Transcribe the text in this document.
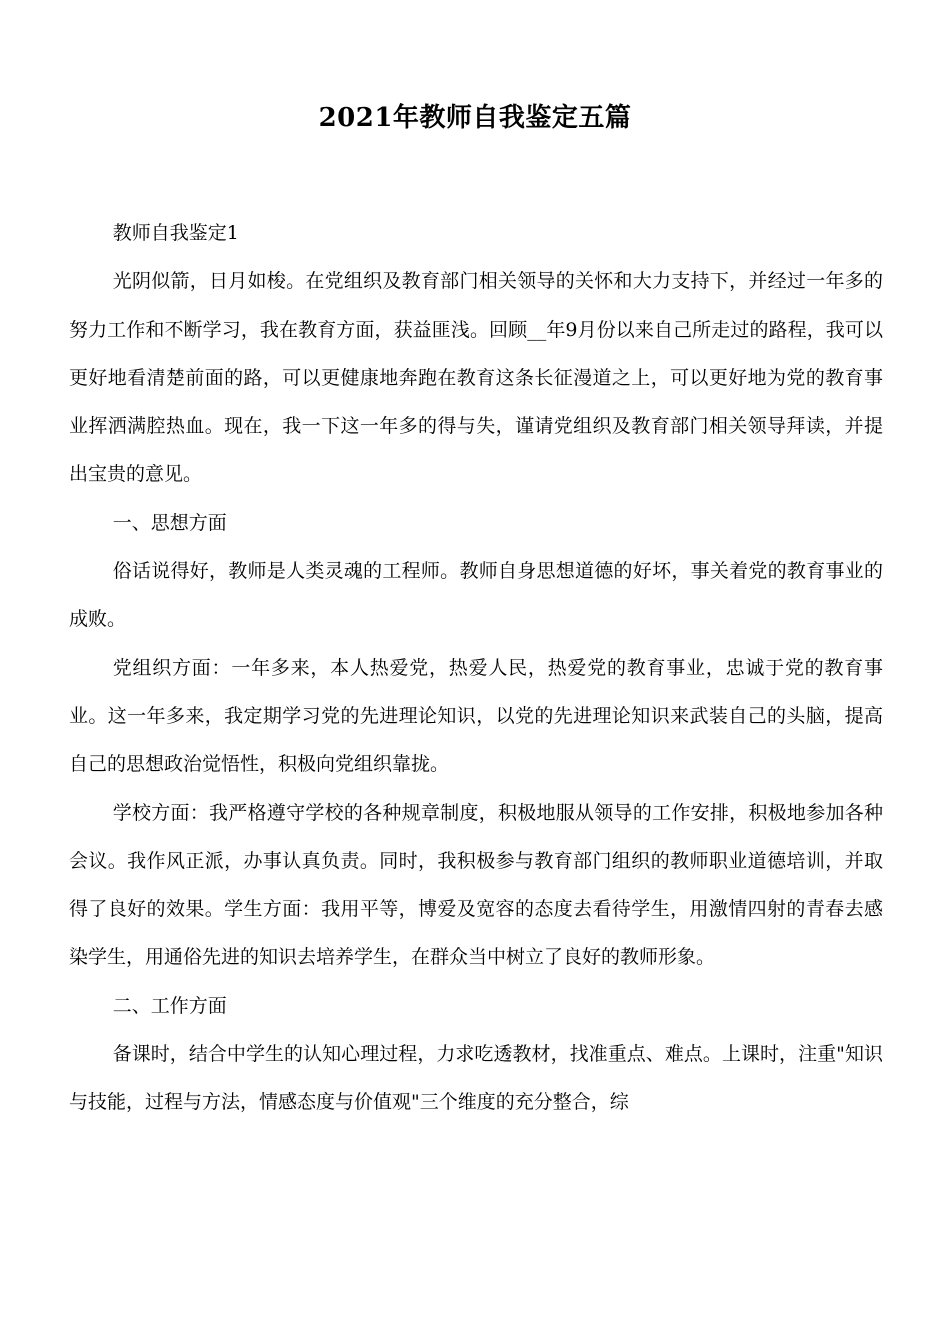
2021年教师自我鉴定五篇

教师自我鉴定1

光阴似箭，日月如梭。在党组织及教育部门相关领导的关怀和大力支持下，并经过一年多的努力工作和不断学习，我在教育方面，获益匪浅。回顾__年9月份以来自己所走过的路程，我可以更好地看清楚前面的路，可以更健康地奔跑在教育这条长征漫道之上，可以更好地为党的教育事业挥洒满腔热血。现在，我一下这一年多的得与失，谨请党组织及教育部门相关领导拜读，并提出宝贵的意见。

一、思想方面

俗话说得好，教师是人类灵魂的工程师。教师自身思想道德的好坏，事关着党的教育事业的成败。

党组织方面：一年多来，本人热爱党，热爱人民，热爱党的教育事业，忠诚于党的教育事业。这一年多来，我定期学习党的先进理论知识，以党的先进理论知识来武装自己的头脑，提高自己的思想政治觉悟性，积极向党组织靠拢。

学校方面：我严格遵守学校的各种规章制度，积极地服从领导的工作安排，积极地参加各种会议。我作风正派，办事认真负责。同时，我积极参与教育部门组织的教师职业道德培训，并取得了良好的效果。学生方面：我用平等，博爱及宽容的态度去看待学生，用激情四射的青春去感染学生，用通俗先进的知识去培养学生，在群众当中树立了良好的教师形象。

二、工作方面

备课时，结合中学生的认知心理过程，力求吃透教材，找准重点、难点。上课时，注重"知识与技能，过程与方法，情感态度与价值观"三个维度的充分整合，综
